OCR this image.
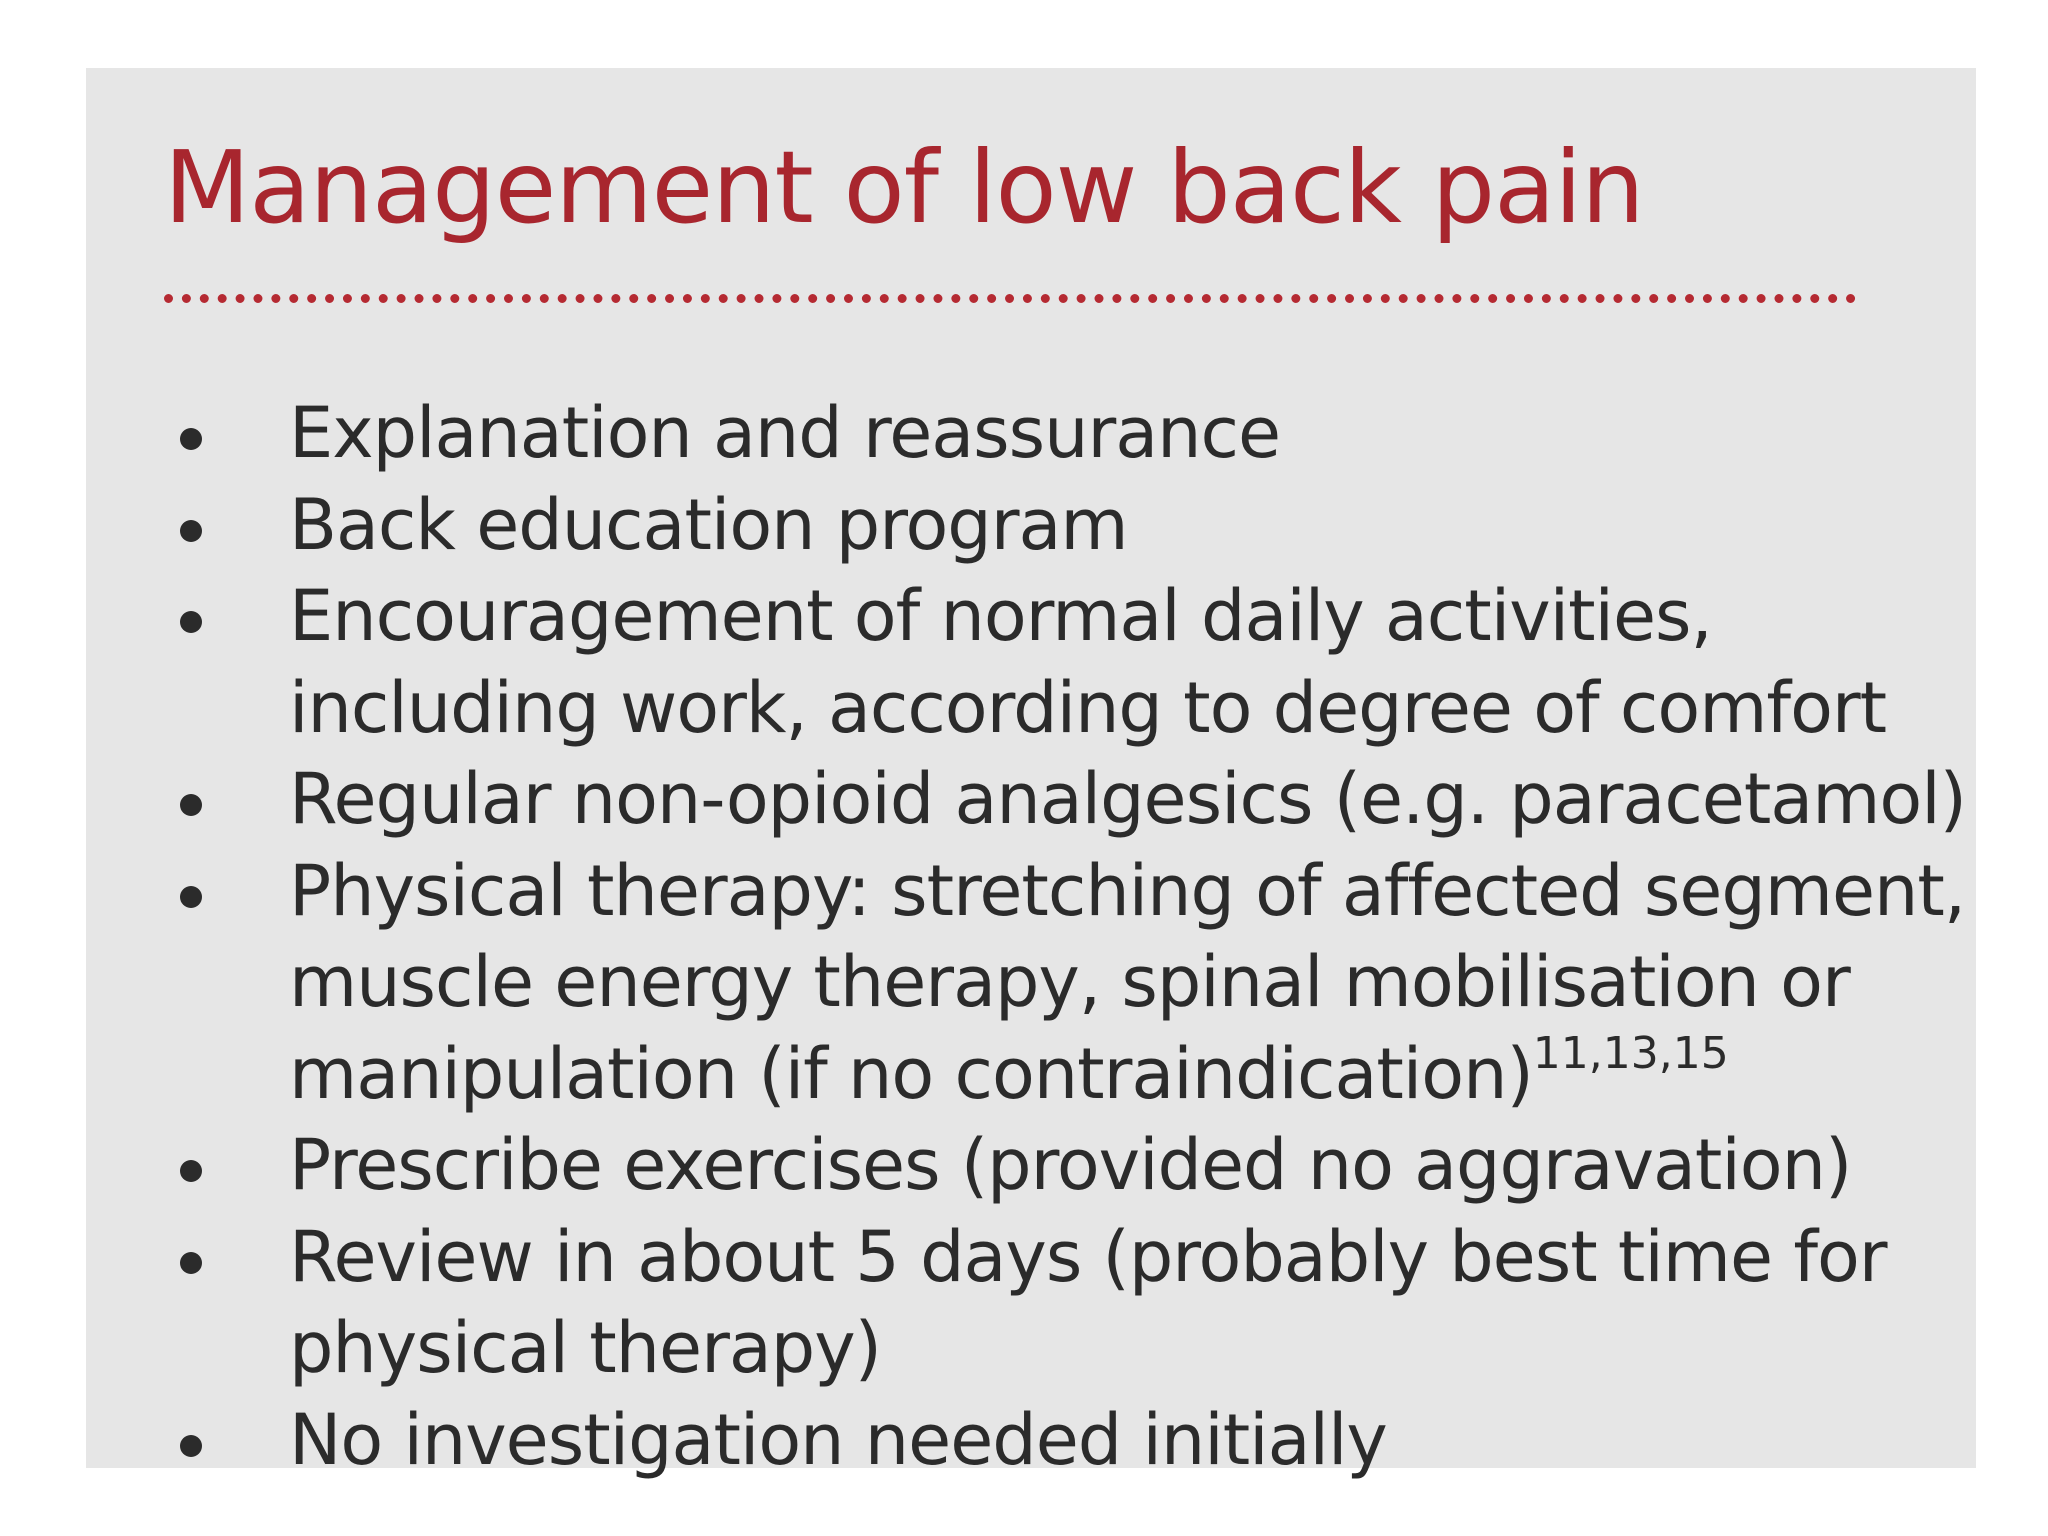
Management of low back pain
Explanation and reassurance
Back education program
Encouragement of normal daily activities,
including work, according to degree of comfort
Regular non-opioid analgesics (e.g. paracetamol)
Physical therapy: stretching of affected segment,
muscle energy therapy, spinal mobilisation or
manipulation (if no contraindication)$^{11,13,15}$
Prescribe exercises (provided no aggravation)
Review in about 5 days (probably best time for
physical therapy)
No investigation needed initially
